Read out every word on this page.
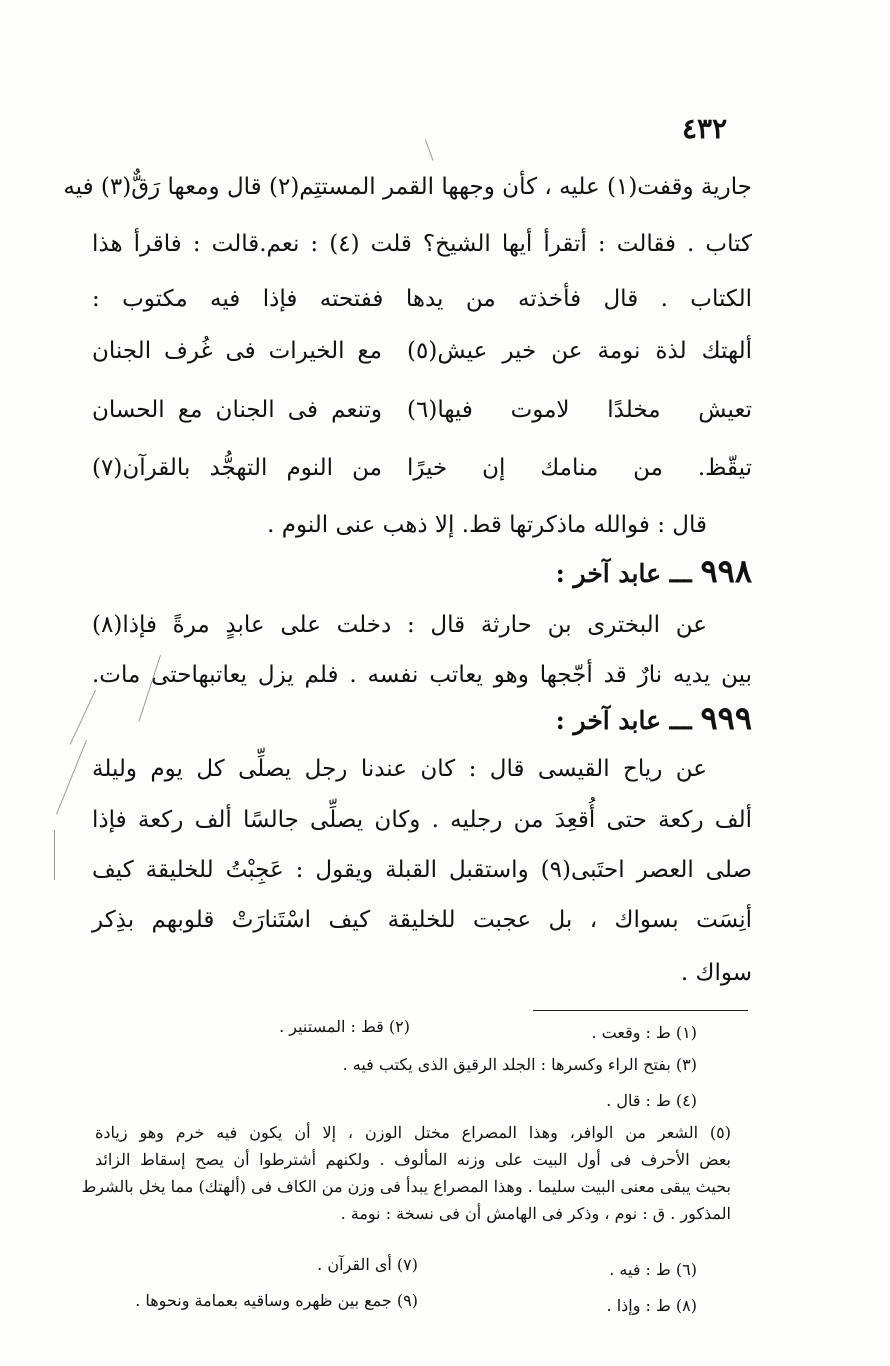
٤٣٢
جارية وقفت(١) عليه ، كأن وجهها القمر المستتِم(٢) قال ومعها رَقٌّ(٣) فيه
كتاب . فقالت : أتقرأ أيها الشيخ؟ قلت (٤) : نعم.قالت : فاقرأ هذا
الكتاب . قال فأخذته من يدها ففتحته فإذا فيه مكتوب :
ألهتك لذة نومة عن خير عيش(٥)
مع الخيرات فى غُرف الجنان
تعيش مخلدًا لاموت فيها(٦)
وتنعم فى الجنان مع الحسان
تيقّظ. من منامك إن خيرًا
من النوم التهجُّد بالقرآن(٧)
قال : فوالله ماذكرتها قط. إلا ذهب عنى النوم .
٩٩٨ ـــ عابد آخر :
عن البخترى بن حارثة قال : دخلت على عابدٍ مرةً فإذا(٨)
بين يديه نارٌ قد أجّجها وهو يعاتب نفسه . فلم يزل يعاتبهاحتى مات.
٩٩٩ ـــ عابد آخر :
عن رياح القيسى قال : كان عندنا رجل يصلِّى كل يوم وليلة
ألف ركعة حتى أُقعِدَ من رجليه . وكان يصلِّى جالسًا ألف ركعة فإذا
صلى العصر احتَبى(٩) واستقبل القبلة ويقول : عَجِبْتُ للخليقة كيف
أنِسَت بسواك ، بل عجبت للخليقة كيف اسْتَنارَتْ قلوبهم بذِكر
سواك .
(١) ط : وقعت .
(٢) قط : المستنير .
(٣) بفتح الراء وكسرها : الجلد الرقيق الذى يكتب فيه .
(٤) ط : قال .
(٥) الشعر من الوافر، وهذا المصراع مختل الوزن ، إلا أن يكون فيه خرم وهو زيادة
بعض الأحرف فى أول البيت على وزنه المألوف . ولكنهم أشترطوا أن يصح إسقاط الزائد
بحيث يبقى معنى البيت سليما . وهذا المصراع يبدأ فى وزن من الكاف فى (ألهتك) مما يخل بالشرط
المذكور . ق : نوم ، وذكر فى الهامش أن فى نسخة : نومة .
(٦) ط : فيه .
(٧) أى القرآن .
(٨) ط : وإذا .
(٩) جمع بين ظهره وساقيه بعمامة ونحوها .
